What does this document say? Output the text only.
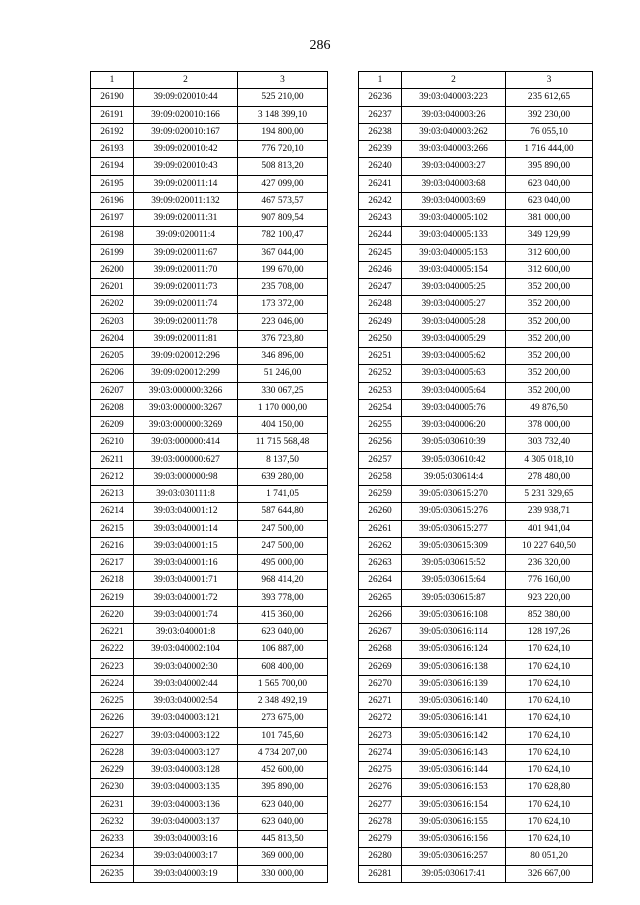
286
1	2	3
26190	39:09:020010:44	525 210,00
26191	39:09:020010:166	3 148 399,10
26192	39:09:020010:167	194 800,00
26193	39:09:020010:42	776 720,10
26194	39:09:020010:43	508 813,20
26195	39:09:020011:14	427 099,00
26196	39:09:020011:132	467 573,57
26197	39:09:020011:31	907 809,54
26198	39:09:020011:4	782 100,47
26199	39:09:020011:67	367 044,00
26200	39:09:020011:70	199 670,00
26201	39:09:020011:73	235 708,00
26202	39:09:020011:74	173 372,00
26203	39:09:020011:78	223 046,00
26204	39:09:020011:81	376 723,80
26205	39:09:020012:296	346 896,00
26206	39:09:020012:299	51 246,00
26207	39:03:000000:3266	330 067,25
26208	39:03:000000:3267	1 170 000,00
26209	39:03:000000:3269	404 150,00
26210	39:03:000000:414	11 715 568,48
26211	39:03:000000:627	8 137,50
26212	39:03:000000:98	639 280,00
26213	39:03:030111:8	1 741,05
26214	39:03:040001:12	587 644,80
26215	39:03:040001:14	247 500,00
26216	39:03:040001:15	247 500,00
26217	39:03:040001:16	495 000,00
26218	39:03:040001:71	968 414,20
26219	39:03:040001:72	393 778,00
26220	39:03:040001:74	415 360,00
26221	39:03:040001:8	623 040,00
26222	39:03:040002:104	106 887,00
26223	39:03:040002:30	608 400,00
26224	39:03:040002:44	1 565 700,00
26225	39:03:040002:54	2 348 492,19
26226	39:03:040003:121	273 675,00
26227	39:03:040003:122	101 745,60
26228	39:03:040003:127	4 734 207,00
26229	39:03:040003:128	452 600,00
26230	39:03:040003:135	395 890,00
26231	39:03:040003:136	623 040,00
26232	39:03:040003:137	623 040,00
26233	39:03:040003:16	445 813,50
26234	39:03:040003:17	369 000,00
26235	39:03:040003:19	330 000,00
1	2	3
26236	39:03:040003:223	235 612,65
26237	39:03:040003:26	392 230,00
26238	39:03:040003:262	76 055,10
26239	39:03:040003:266	1 716 444,00
26240	39:03:040003:27	395 890,00
26241	39:03:040003:68	623 040,00
26242	39:03:040003:69	623 040,00
26243	39:03:040005:102	381 000,00
26244	39:03:040005:133	349 129,99
26245	39:03:040005:153	312 600,00
26246	39:03:040005:154	312 600,00
26247	39:03:040005:25	352 200,00
26248	39:03:040005:27	352 200,00
26249	39:03:040005:28	352 200,00
26250	39:03:040005:29	352 200,00
26251	39:03:040005:62	352 200,00
26252	39:03:040005:63	352 200,00
26253	39:03:040005:64	352 200,00
26254	39:03:040005:76	49 876,50
26255	39:03:040006:20	378 000,00
26256	39:05:030610:39	303 732,40
26257	39:05:030610:42	4 305 018,10
26258	39:05:030614:4	278 480,00
26259	39:05:030615:270	5 231 329,65
26260	39:05:030615:276	239 938,71
26261	39:05:030615:277	401 941,04
26262	39:05:030615:309	10 227 640,50
26263	39:05:030615:52	236 320,00
26264	39:05:030615:64	776 160,00
26265	39:05:030615:87	923 220,00
26266	39:05:030616:108	852 380,00
26267	39:05:030616:114	128 197,26
26268	39:05:030616:124	170 624,10
26269	39:05:030616:138	170 624,10
26270	39:05:030616:139	170 624,10
26271	39:05:030616:140	170 624,10
26272	39:05:030616:141	170 624,10
26273	39:05:030616:142	170 624,10
26274	39:05:030616:143	170 624,10
26275	39:05:030616:144	170 624,10
26276	39:05:030616:153	170 628,80
26277	39:05:030616:154	170 624,10
26278	39:05:030616:155	170 624,10
26279	39:05:030616:156	170 624,10
26280	39:05:030616:257	80 051,20
26281	39:05:030617:41	326 667,00
